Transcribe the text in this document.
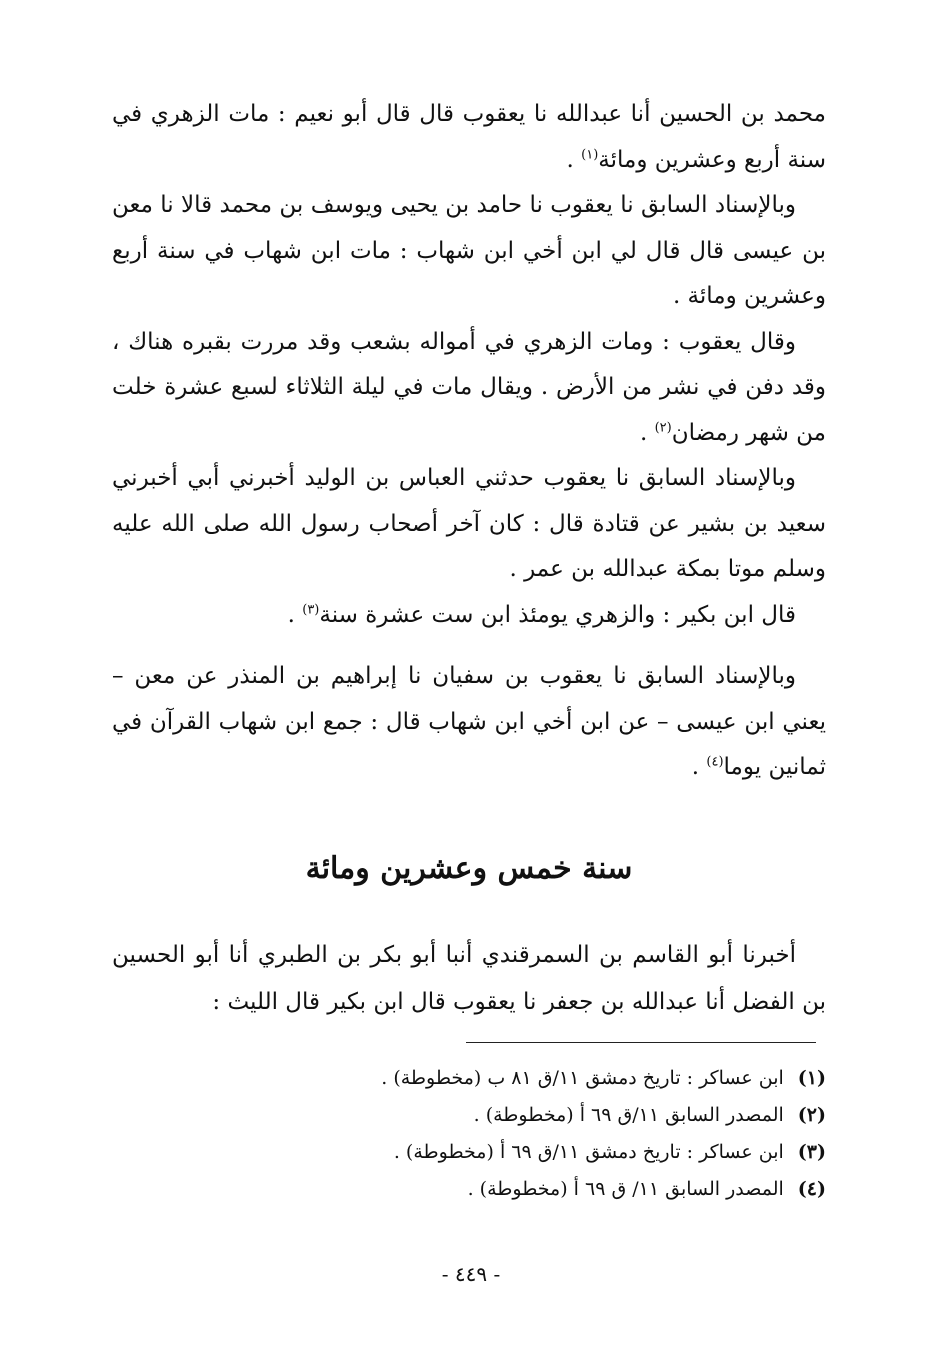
محمد بن الحسين أنا عبدالله نا يعقوب قال قال أبو نعيم : مات الزهري في سنة أربع وعشرين ومائة$^{(١)}$ .

وبالإسناد السابق نا يعقوب نا حامد بن يحيى ويوسف بن محمد قالا نا معن بن عيسى قال قال لي ابن أخي ابن شهاب : مات ابن شهاب في سنة أربع وعشرين ومائة .

وقال يعقوب : ومات الزهري في أمواله بشعب وقد مررت بقبره هناك ، وقد دفن في نشر من الأرض . ويقال مات في ليلة الثلاثاء لسبع عشرة خلت من شهر رمضان$^{(٢)}$ .

وبالإسناد السابق نا يعقوب حدثني العباس بن الوليد أخبرني أبي أخبرني سعيد بن بشير عن قتادة قال : كان آخر أصحاب رسول الله صلى الله عليه وسلم موتا بمكة عبدالله بن عمر .

قال ابن بكير : والزهري يومئذ ابن ست عشرة سنة$^{(٣)}$ .

وبالإسناد السابق نا يعقوب بن سفيان نا إبراهيم بن المنذر عن معن – يعني ابن عيسى – عن ابن أخي ابن شهاب قال : جمع ابن شهاب القرآن في ثمانين يوما$^{(٤)}$ .

سنة خمس وعشرين ومائة

أخبرنا أبو القاسم بن السمرقندي أنبا أبو بكر بن الطبري أنا أبو الحسين بن الفضل أنا عبدالله بن جعفر نا يعقوب قال ابن بكير قال الليث :

(١)ابن عساكر : تاريخ دمشق ١١/ق ٨١ ب (مخطوطة) .
(٢)المصدر السابق ١١/ق ٦٩ أ (مخطوطة) .
(٣)ابن عساكر : تاريخ دمشق ١١/ق ٦٩ أ (مخطوطة) .
(٤)المصدر السابق ١١/ ق ٦٩ أ (مخطوطة) .
- ٤٤٩ -
